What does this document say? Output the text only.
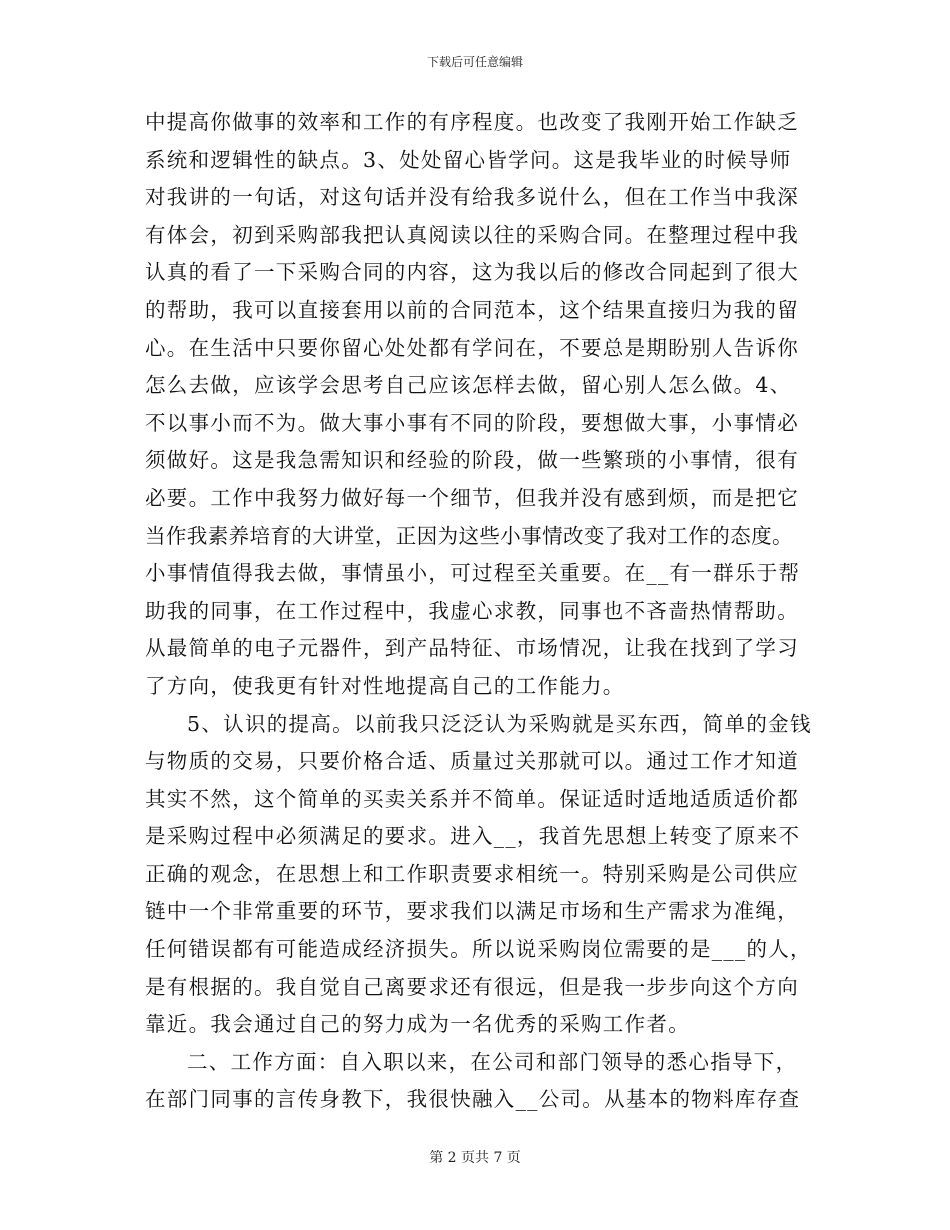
下载后可任意编辑
中提高你做事的效率和工作的有序程度。也改变了我刚开始工作缺乏
系统和逻辑性的缺点。3、处处留心皆学问。这是我毕业的时候导师
对我讲的一句话，对这句话并没有给我多说什么，但在工作当中我深
有体会，初到采购部我把认真阅读以往的采购合同。在整理过程中我
认真的看了一下采购合同的内容，这为我以后的修改合同起到了很大
的帮助，我可以直接套用以前的合同范本，这个结果直接归为我的留
心。在生活中只要你留心处处都有学问在，不要总是期盼别人告诉你
怎么去做，应该学会思考自己应该怎样去做，留心别人怎么做。4、
不以事小而不为。做大事小事有不同的阶段，要想做大事，小事情必
须做好。这是我急需知识和经验的阶段，做一些繁琐的小事情，很有
必要。工作中我努力做好每一个细节，但我并没有感到烦，而是把它
当作我素养培育的大讲堂，正因为这些小事情改变了我对工作的态度。
小事情值得我去做，事情虽小，可过程至关重要。在__有一群乐于帮
助我的同事，在工作过程中，我虚心求教，同事也不吝啬热情帮助。
从最简单的电子元器件，到产品特征、市场情况，让我在找到了学习
了方向，使我更有针对性地提高自己的工作能力。
5、认识的提高。以前我只泛泛认为采购就是买东西，简单的金钱
与物质的交易，只要价格合适、质量过关那就可以。通过工作才知道
其实不然，这个简单的买卖关系并不简单。保证适时适地适质适价都
是采购过程中必须满足的要求。进入__，我首先思想上转变了原来不
正确的观念，在思想上和工作职责要求相统一。特别采购是公司供应
链中一个非常重要的环节，要求我们以满足市场和生产需求为准绳，
任何错误都有可能造成经济损失。所以说采购岗位需要的是___的人，
是有根据的。我自觉自己离要求还有很远，但是我一步步向这个方向
靠近。我会通过自己的努力成为一名优秀的采购工作者。
二、工作方面：自入职以来，在公司和部门领导的悉心指导下，
在部门同事的言传身教下，我很快融入__公司。从基本的物料库存查
第 2 页共 7 页
